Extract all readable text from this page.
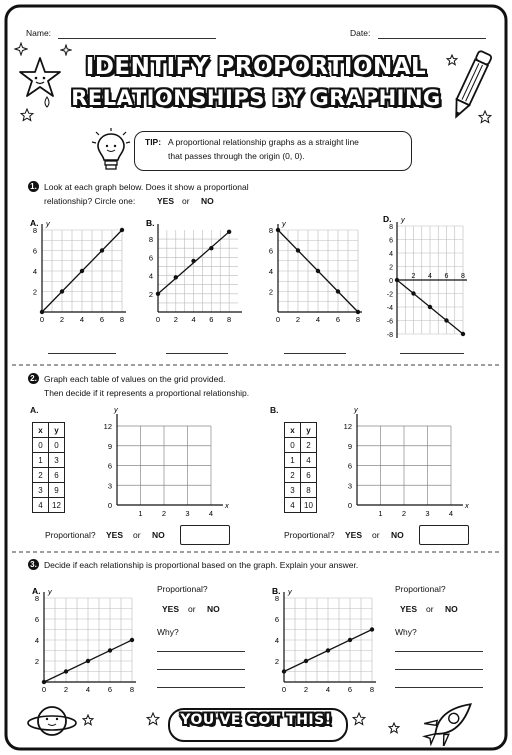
Name:	Date:
IDENTIFY PROPORTIONAL
RELATIONSHIPS BY GRAPHING
TIP: A proportional relationship graphs as a straight line
that passes through the origin (0, 0).
1. Look at each graph below. Does it show a proportional
relationship? Circle one:	YES or NO
0 2 4 6 8
2
4
6
8
A. y
0 2 4 6 8
2
4
6
8
B.
0 2 4 6 8
2
4
6
8
y
2 4 6 8
8
6
4
2
0
-2
-4
-6
-8
D. y
2. Graph each table of values on the grid provided.
Then decide if it represents a proportional relationship.
A.
x	y
0	0
1	3
2	6
3	9
4	12
B.
x	y
0	2
1	4
2	6
3	8
4	10
12
9
6
3
0
1	2	3	4
x
y
12
9
6
3
0
1	2	3	4
x
y
Proportional? YES or NO	Proportional? YES or NO
3. Decide if each relationship is proportional based on the graph. Explain your answer.
0 2 4 6 8
2
4
6
8
A. y
0 2 4 6 8
2
4
6
8
B. y
Proportional?
YES or NO
Why?
Proportional?
YES or NO
Why?
YOU'VE GOT THIS!
